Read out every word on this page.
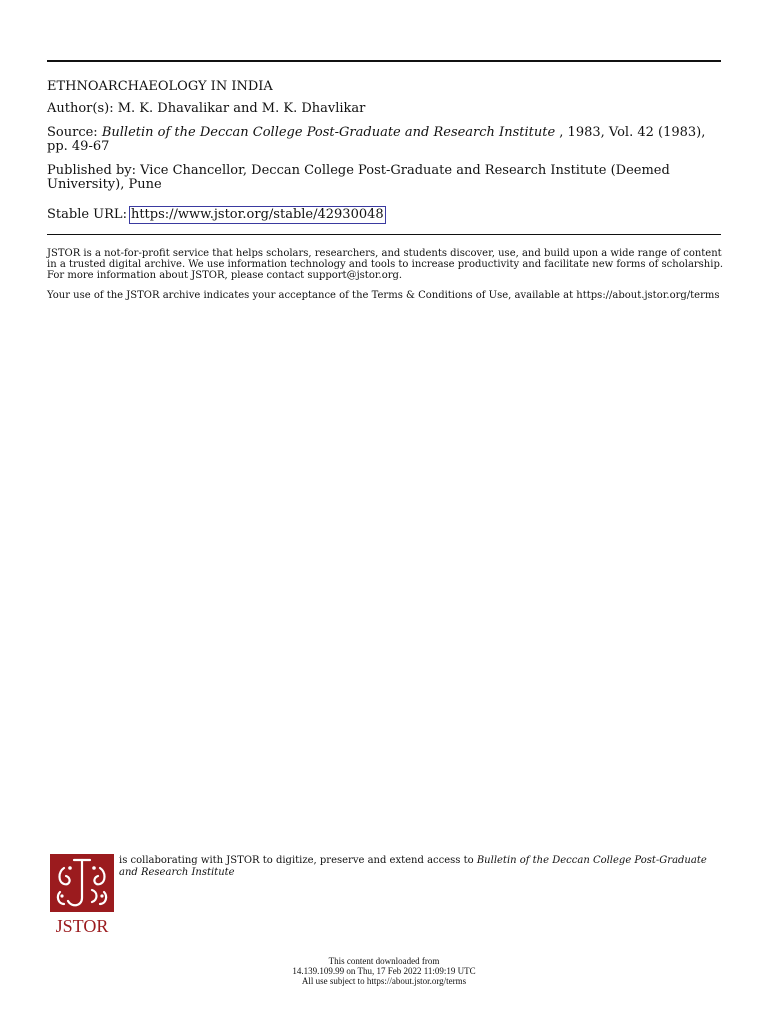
ETHNOARCHAEOLOGY IN INDIA

Author(s): M. K. Dhavalikar and M. K. Dhavlikar

Source: Bulletin of the Deccan College Post-Graduate and Research Institute , 1983, Vol. 42 (1983), pp. 49-67

Published by: Vice Chancellor, Deccan College Post-Graduate and Research Institute (Deemed University), Pune

Stable URL: https://www.jstor.org/stable/42930048

JSTOR is a not-for-profit service that helps scholars, researchers, and students discover, use, and build upon a wide range of content in a trusted digital archive. We use information technology and tools to increase productivity and facilitate new forms of scholarship. For more information about JSTOR, please contact support@jstor.org.

Your use of the JSTOR archive indicates your acceptance of the Terms & Conditions of Use, available at https://about.jstor.org/terms

JSTOR
is collaborating with JSTOR to digitize, preserve and extend access to Bulletin of the Deccan College Post-Graduate and Research Institute
This content downloaded from
14.139.109.99 on Thu, 17 Feb 2022 11:09:19 UTC
All use subject to https://about.jstor.org/terms
